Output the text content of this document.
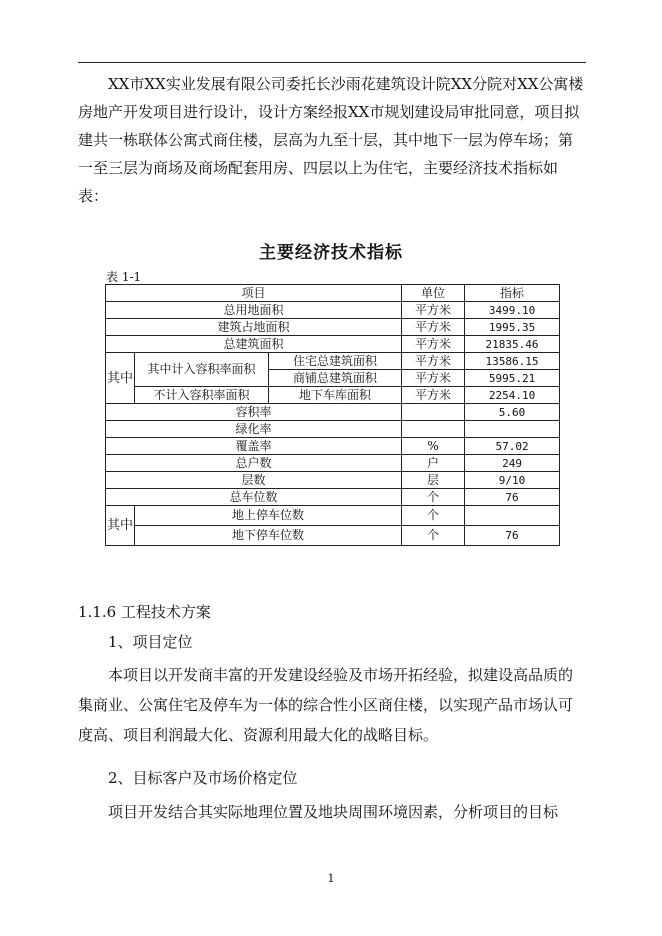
XX市XX实业发展有限公司委托长沙雨花建筑设计院XX分院对XX公寓楼房地产开发项目进行设计，设计方案经报XX市规划建设局审批同意，项目拟建共一栋联体公寓式商住楼，层高为九至十层，其中地下一层为停车场；第一至三层为商场及商场配套用房、四层以上为住宅，主要经济技术指标如表：

主要经济技术指标
表 1-1
项目			单位	指标
总用地面积			平方米	3499.10
建筑占地面积			平方米	1995.35
总建筑面积			平方米	21835.46
其中	其中计入容积率面积	住宅总建筑面积	平方米	13586.15
		商铺总建筑面积	平方米	5995.21
	不计入容积率面积	地下车库面积	平方米	2254.10
容积率				5.60
绿化率				
覆盖率			%	57.02
总户数			户	249
层数			层	9/10
总车位数			个	76
其中	地上停车位数		个	
	地下停车位数		个	76
1.1.6 工程技术方案
1、项目定位

本项目以开发商丰富的开发建设经验及市场开拓经验，拟建设高品质的集商业、公寓住宅及停车为一体的综合性小区商住楼，以实现产品市场认可度高、项目利润最大化、资源利用最大化的战略目标。

2、目标客户及市场价格定位

项目开发结合其实际地理位置及地块周围环境因素，分析项目的目标

1
